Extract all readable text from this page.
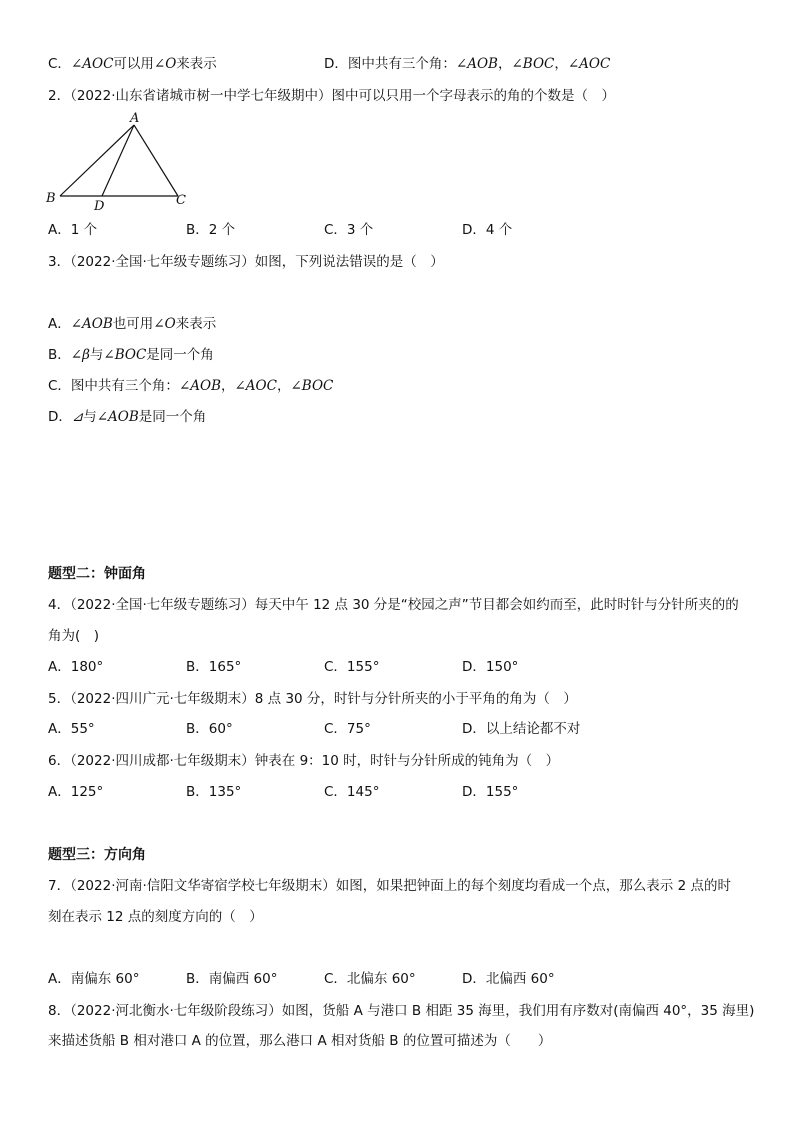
C．∠AOC可以用∠O来表示	D．图中共有三个角：∠AOB，∠BOC，∠AOC
2．（2022·山东省诸城市树一中学七年级期中）图中可以只用一个字母表示的角的个数是（　）
A
B
D	C
A．1 个	B．2 个	C．3 个	D．4 个
3．（2022·全国·七年级专题练习）如图，下列说法错误的是（　）
A．∠AOB也可用∠O来表示
B．∠β与∠BOC是同一个角
C．图中共有三个角：∠AOB，∠AOC，∠BOC
D．⊿与∠AOB是同一个角
题型二：钟面角
4．（2022·全国·七年级专题练习）每天中午 12 点 30 分是“校园之声”节目都会如约而至，此时时针与分针所夹的的
角为(　)
A．180°	B．165°	C．155°	D．150°
5．（2022·四川广元·七年级期末）8 点 30 分，时针与分针所夹的小于平角的角为（　）
A．55°	B．60°	C．75°	D．以上结论都不对
6．（2022·四川成都·七年级期末）钟表在 9：10 时，时针与分针所成的钝角为（　）
A．125°	B．135°	C．145°	D．155°
题型三：方向角
7．（2022·河南·信阳文华寄宿学校七年级期末）如图，如果把钟面上的每个刻度均看成一个点，那么表示 2 点的时
刻在表示 12 点的刻度方向的（　）
A．南偏东 60°	B．南偏西 60°	C．北偏东 60°	D．北偏西 60°
8．（2022·河北衡水·七年级阶段练习）如图，货船 A 与港口 B 相距 35 海里，我们用有序数对(南偏西 40°，35 海里)
来描述货船 B 相对港口 A 的位置，那么港口 A 相对货船 B 的位置可描述为（　　）
